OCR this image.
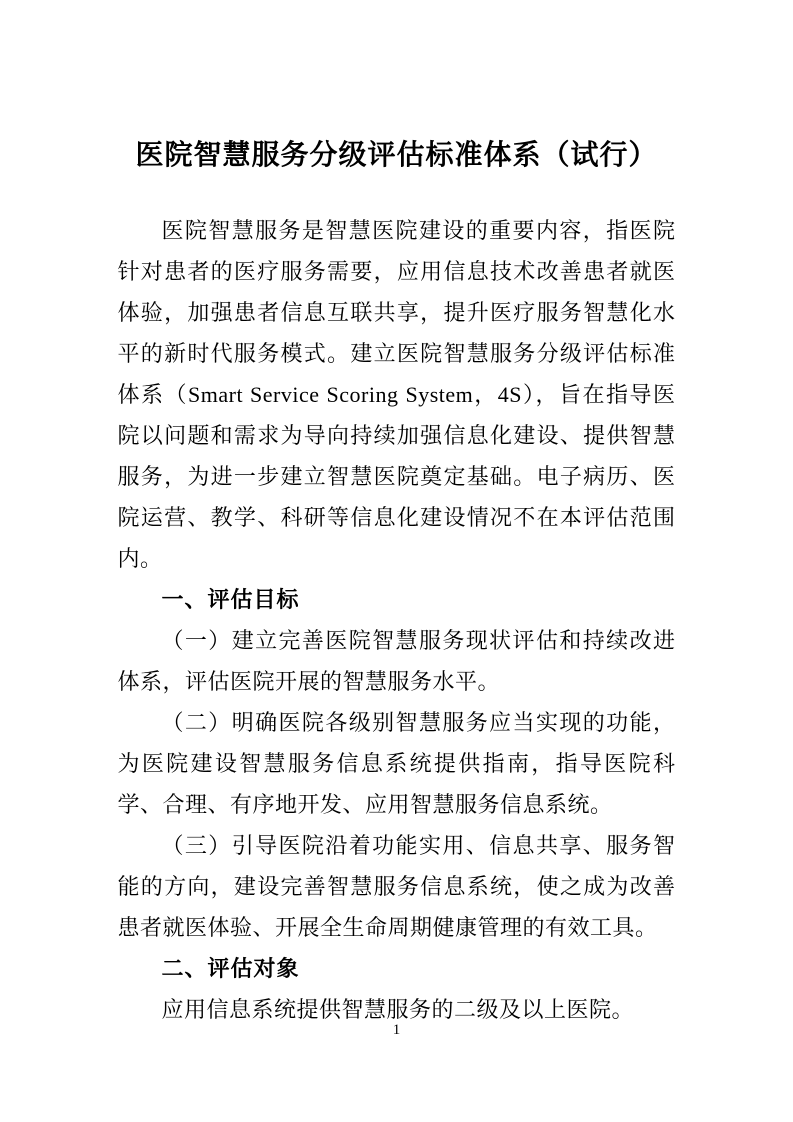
医院智慧服务分级评估标准体系（试行）

医院智慧服务是智慧医院建设的重要内容，指医院针对患者的医疗服务需要，应用信息技术改善患者就医体验，加强患者信息互联共享，提升医疗服务智慧化水平的新时代服务模式。建立医院智慧服务分级评估标准体系（Smart Service Scoring System，4S），旨在指导医院以问题和需求为导向持续加强信息化建设、提供智慧服务，为进一步建立智慧医院奠定基础。电子病历、医院运营、教学、科研等信息化建设情况不在本评估范围内。

一、评估目标

（一）建立完善医院智慧服务现状评估和持续改进体系，评估医院开展的智慧服务水平。

（二）明确医院各级别智慧服务应当实现的功能，为医院建设智慧服务信息系统提供指南，指导医院科学、合理、有序地开发、应用智慧服务信息系统。

（三）引导医院沿着功能实用、信息共享、服务智能的方向，建设完善智慧服务信息系统，使之成为改善患者就医体验、开展全生命周期健康管理的有效工具。

二、评估对象

应用信息系统提供智慧服务的二级及以上医院。

1
